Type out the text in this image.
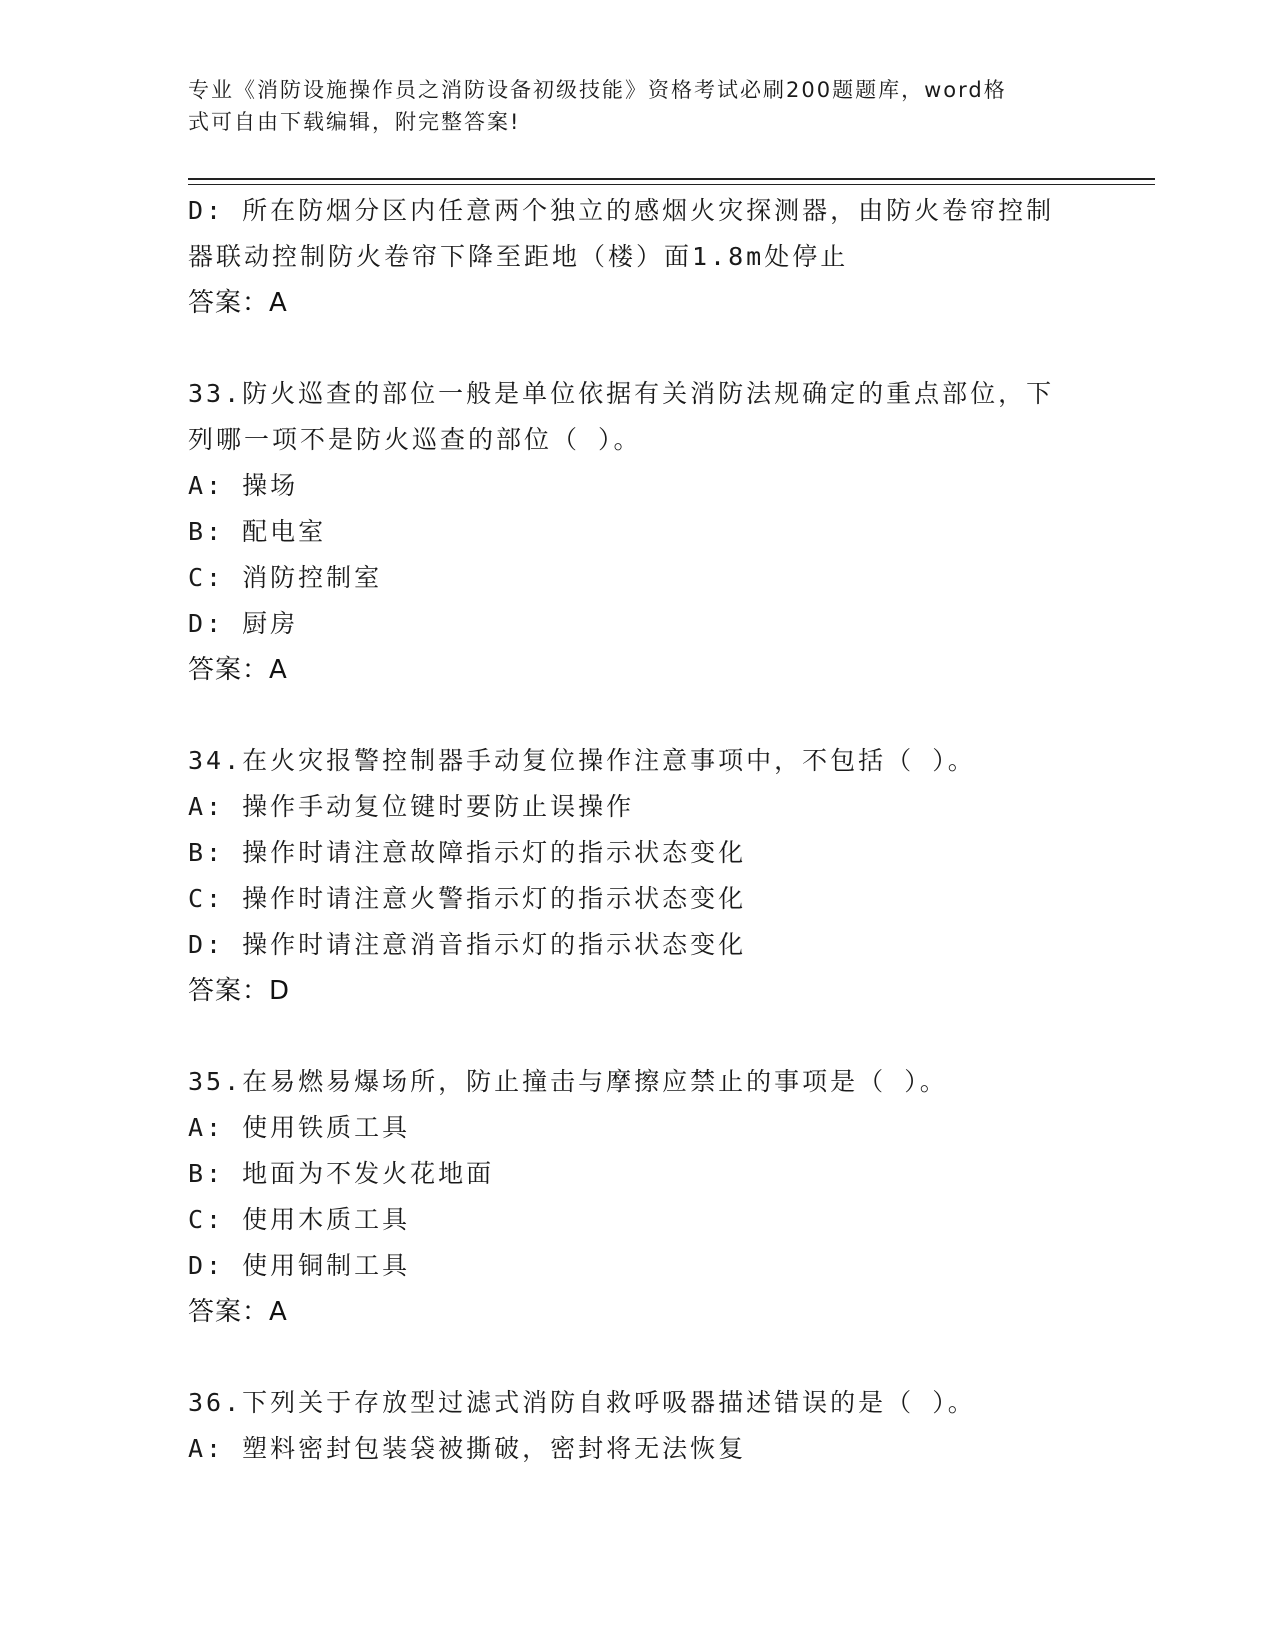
专业《消防设施操作员之消防设备初级技能》资格考试必刷200题题库，word格
式可自由下载编辑，附完整答案!
D: 所在防烟分区内任意两个独立的感烟火灾探测器，由防火卷帘控制
器联动控制防火卷帘下降至距地（楼）面1.8m处停止
答案：A
33.防火巡查的部位一般是单位依据有关消防法规确定的重点部位，下
列哪一项不是防火巡查的部位（ ）。
A: 操场
B: 配电室
C: 消防控制室
D: 厨房
答案：A
34.在火灾报警控制器手动复位操作注意事项中，不包括（ ）。
A: 操作手动复位键时要防止误操作
B: 操作时请注意故障指示灯的指示状态变化
C: 操作时请注意火警指示灯的指示状态变化
D: 操作时请注意消音指示灯的指示状态变化
答案：D
35.在易燃易爆场所，防止撞击与摩擦应禁止的事项是（ ）。
A: 使用铁质工具
B: 地面为不发火花地面
C: 使用木质工具
D: 使用铜制工具
答案：A
36.下列关于存放型过滤式消防自救呼吸器描述错误的是（ ）。
A: 塑料密封包装袋被撕破，密封将无法恢复
